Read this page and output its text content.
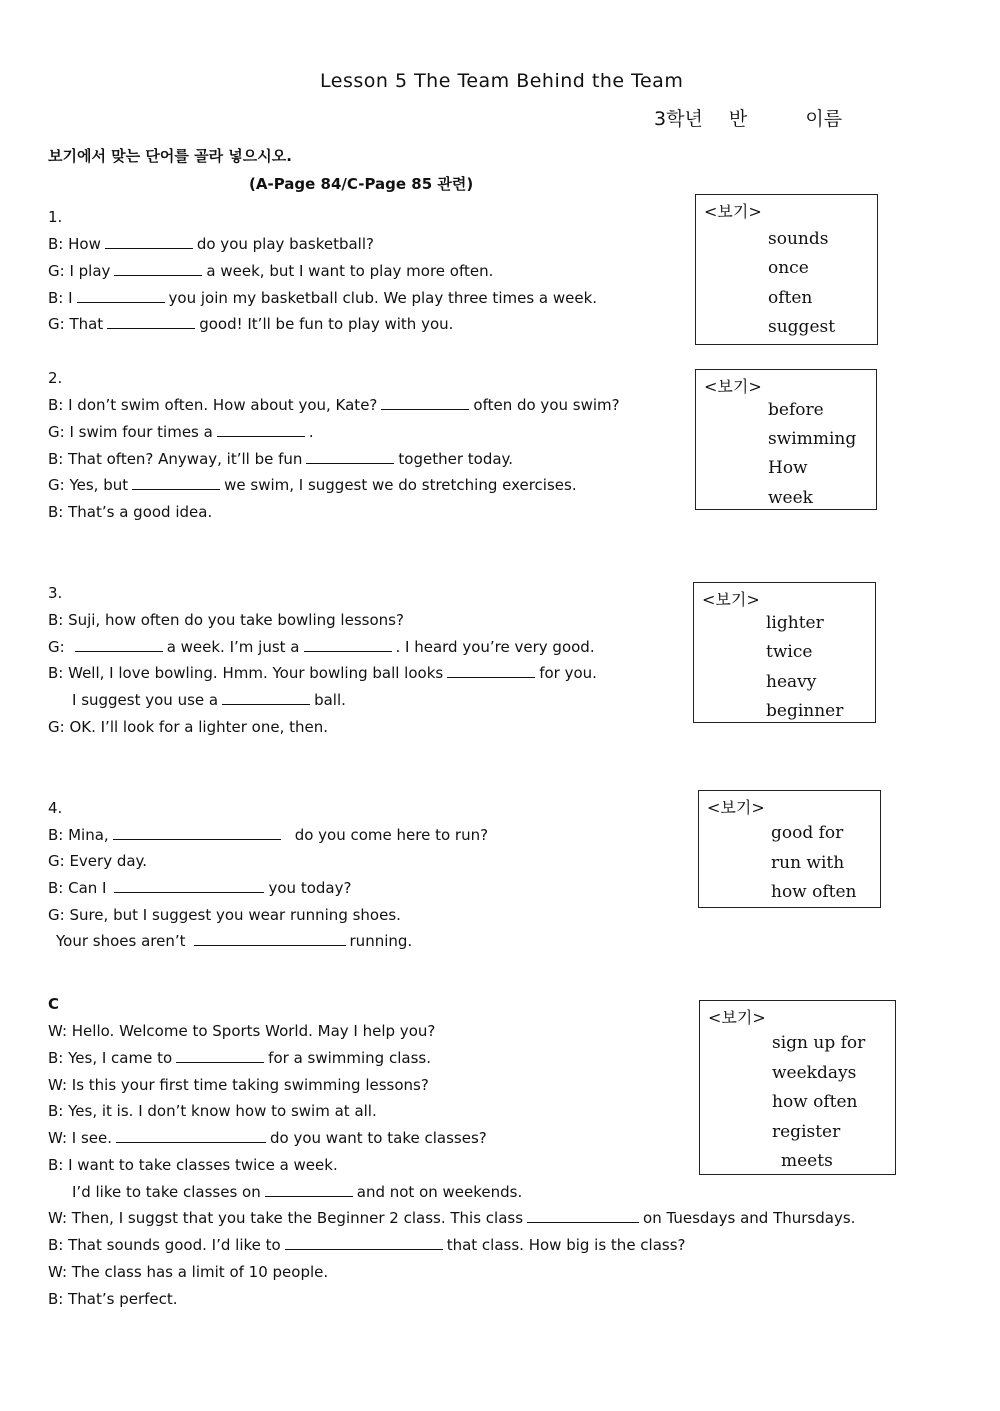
Lesson 5 The Team Behind the Team
3학년 반	이름
보기에서 맞는 단어를 골라 넣으시오.
(A-Page 84/C-Page 85 관련)
1.
B: How	do you play basketball?
G: I play	a week, but I want to play more often.
B: I	you join my basketball club. We play three times a week.
G: That	good! It’ll be fun to play with you.
<보기>
sounds
once
often
suggest
2.
B: I don’t swim often. How about you, Kate?	often do you swim?
G: I swim four times a	.
B: That often? Anyway, it’ll be fun	together today.
G: Yes, but	we swim, I suggest we do stretching exercises.
B: That’s a good idea.
<보기>
before
swimming
How
week
3.
B: Suji, how often do you take bowling lessons?
G:	a week. I’m just a	. I heard you’re very good.
B: Well, I love bowling. Hmm. Your bowling ball looks	for you.
I suggest you use a	ball.
G: OK. I’ll look for a lighter one, then.
<보기>
lighter
twice
heavy
beginner
4.
B: Mina,	do you come here to run?
G: Every day.
B: Can I	you today?
G: Sure, but I suggest you wear running shoes.
Your shoes aren’t	running.
<보기>
good for
run with
how often
C
W: Hello. Welcome to Sports World. May I help you?
B: Yes, I came to	for a swimming class.
W: Is this your first time taking swimming lessons?
B: Yes, it is. I don’t know how to swim at all.
W: I see.	do you want to take classes?
B: I want to take classes twice a week.
I’d like to take classes on	and not on weekends.
W: Then, I suggst that you take the Beginner 2 class. This class	on Tuesdays and Thursdays.
B: That sounds good. I’d like to	that class. How big is the class?
W: The class has a limit of 10 people.
B: That’s perfect.
<보기>
sign up for
weekdays
how often
register
meets
